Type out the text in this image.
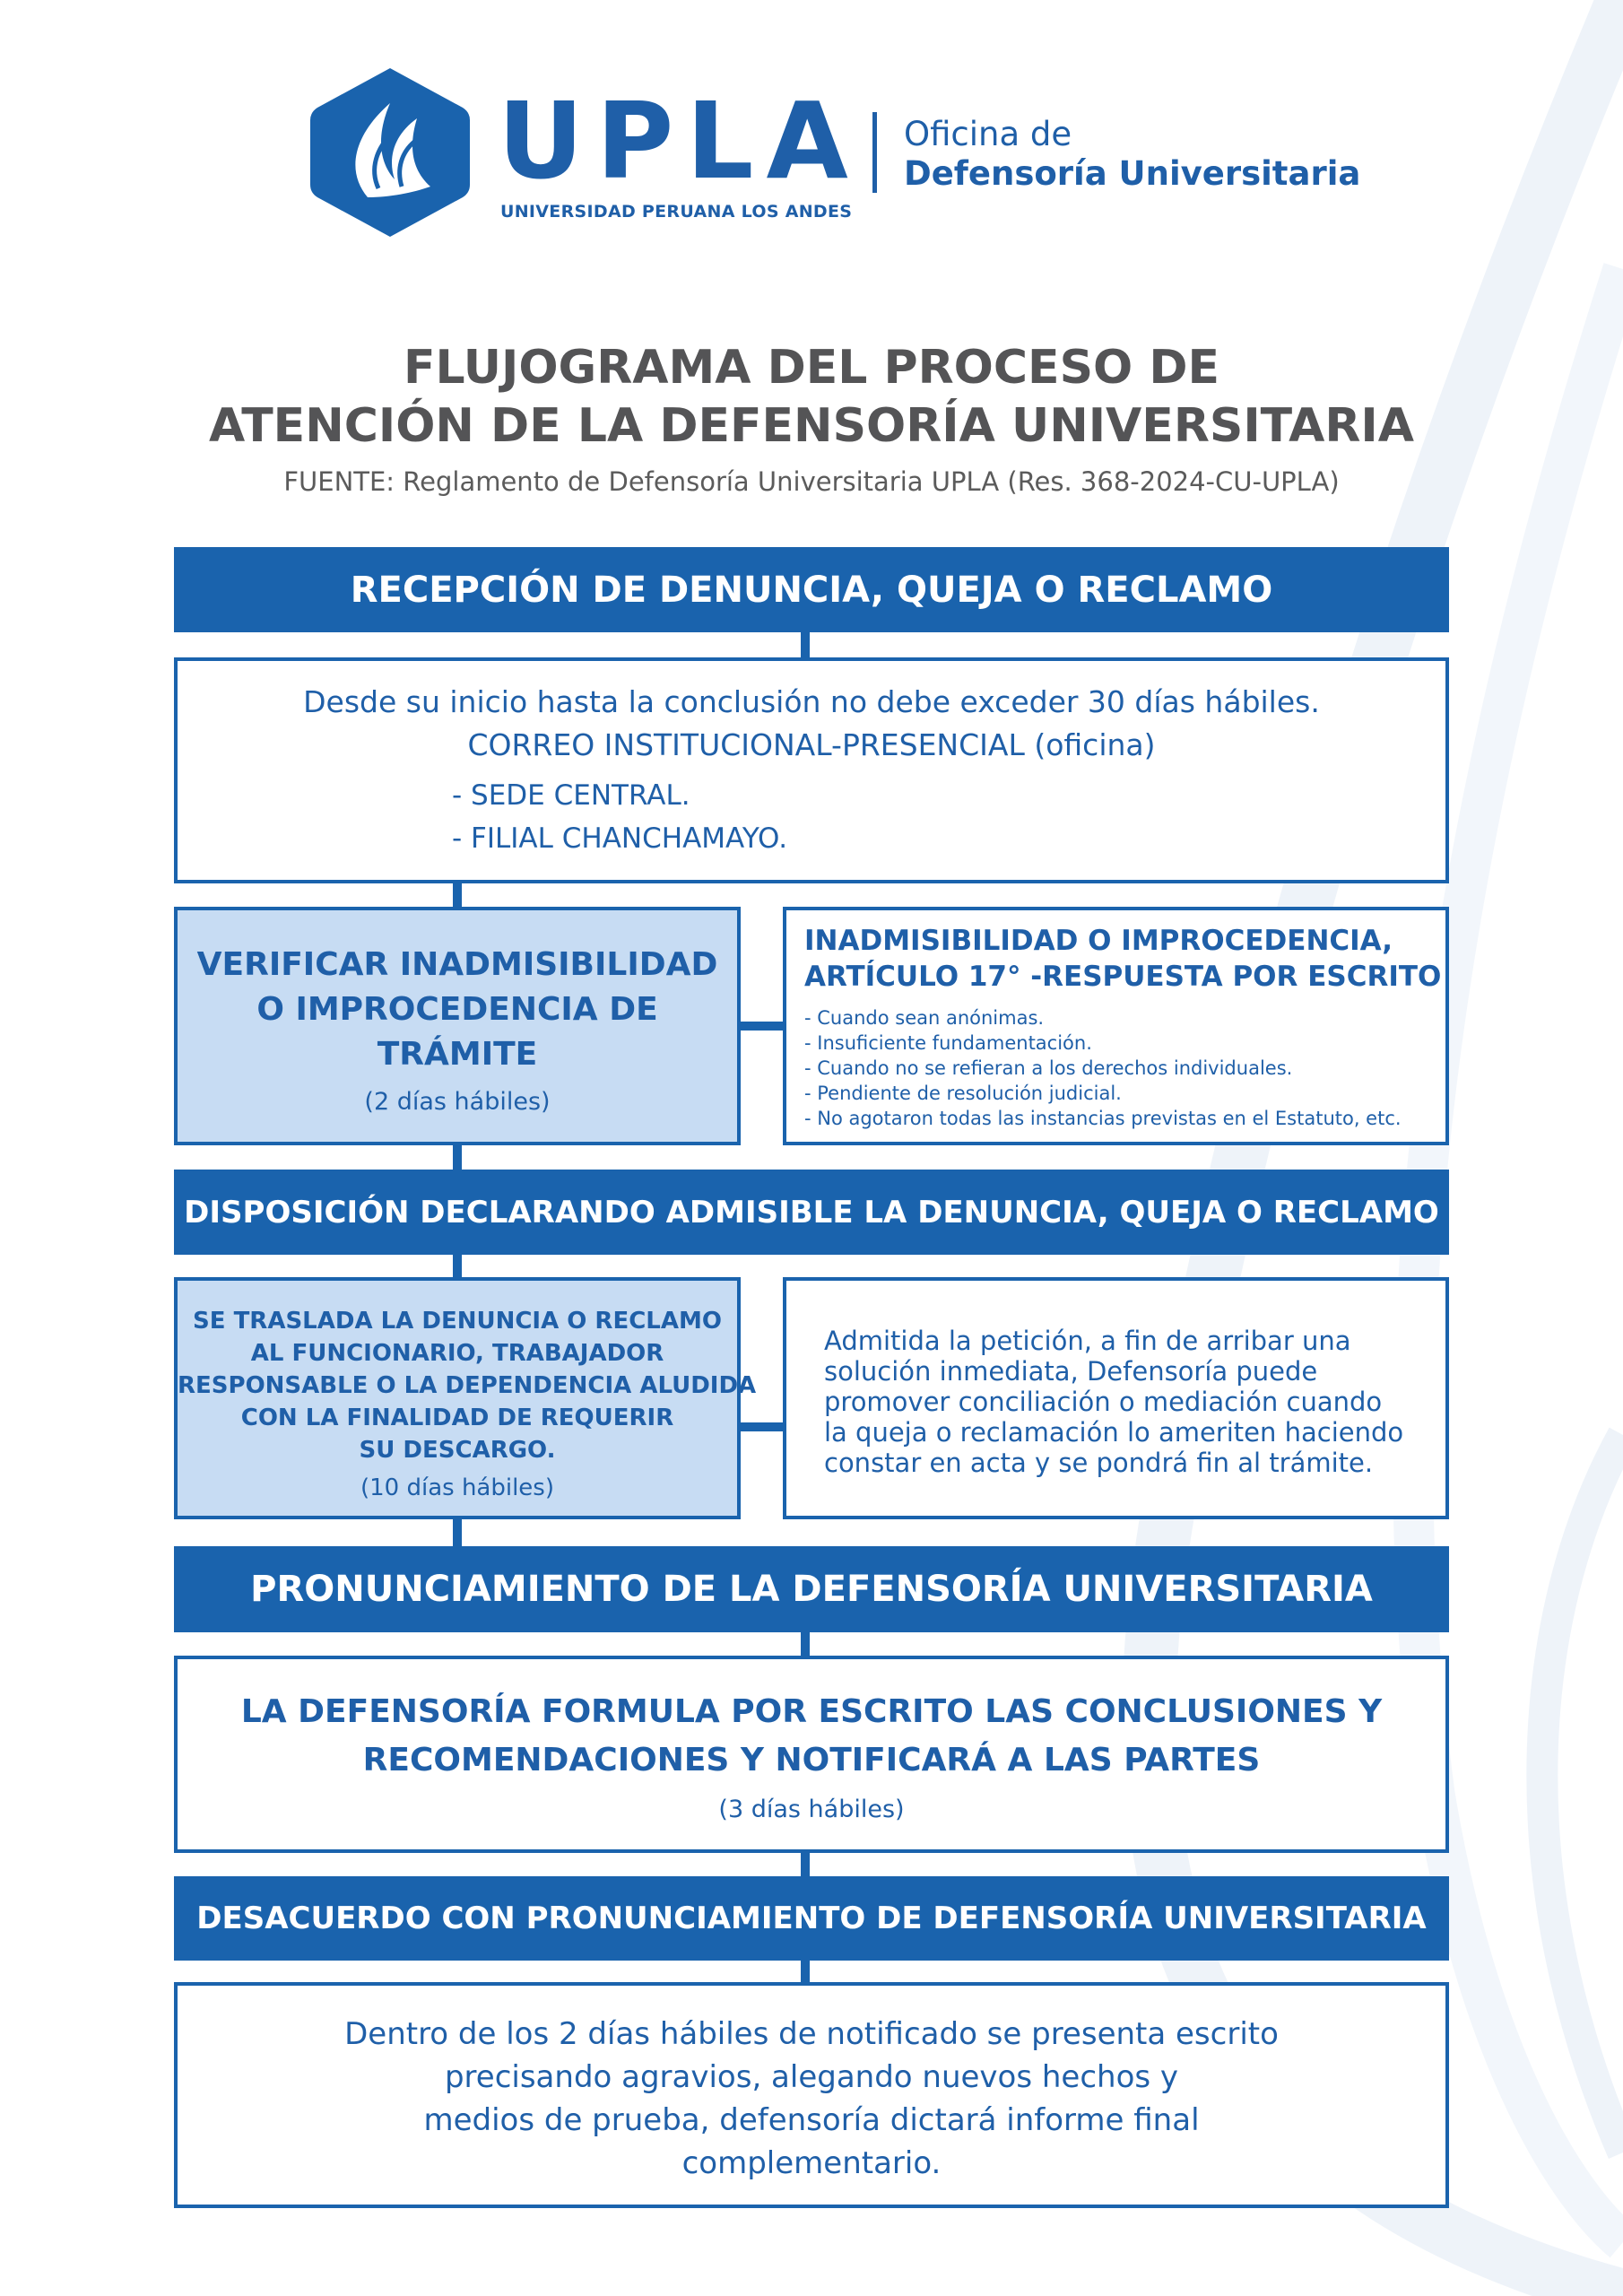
UPLA
UNIVERSIDAD PERUANA LOS ANDES
Oficina de
Defensoría Universitaria
FLUJOGRAMA DEL PROCESO DE
ATENCIÓN DE LA DEFENSORÍA UNIVERSITARIA
FUENTE: Reglamento de Defensoría Universitaria UPLA (Res. 368-2024-CU-UPLA)
RECEPCIÓN DE DENUNCIA, QUEJA O RECLAMO
Desde su inicio hasta la conclusión no debe exceder 30 días hábiles.
CORREO INSTITUCIONAL-PRESENCIAL (oficina)
- SEDE CENTRAL.
- FILIAL CHANCHAMAYO.
VERIFICAR INADMISIBILIDAD
O IMPROCEDENCIA DE
TRÁMITE
(2 días hábiles)
INADMISIBILIDAD O IMPROCEDENCIA,
ARTÍCULO 17° -RESPUESTA POR ESCRITO
- Cuando sean anónimas.
- Insuficiente fundamentación.
- Cuando no se refieran a los derechos individuales.
- Pendiente de resolución judicial.
- No agotaron todas las instancias previstas en el Estatuto, etc.
DISPOSICIÓN DECLARANDO ADMISIBLE LA DENUNCIA, QUEJA O RECLAMO
SE TRASLADA LA DENUNCIA O RECLAMO
AL FUNCIONARIO, TRABAJADOR
RESPONSABLE O LA DEPENDENCIA ALUDIDA
CON LA FINALIDAD DE REQUERIR
SU DESCARGO.
(10 días hábiles)
Admitida la petición, a fin de arribar una
solución inmediata, Defensoría puede
promover conciliación o mediación cuando
la queja o reclamación lo ameriten haciendo
constar en acta y se pondrá fin al trámite.
PRONUNCIAMIENTO DE LA DEFENSORÍA UNIVERSITARIA
LA DEFENSORÍA FORMULA POR ESCRITO LAS CONCLUSIONES Y
RECOMENDACIONES Y NOTIFICARÁ A LAS PARTES
(3 días hábiles)
DESACUERDO CON PRONUNCIAMIENTO DE DEFENSORÍA UNIVERSITARIA
Dentro de los 2 días hábiles de notificado se presenta escrito
precisando agravios, alegando nuevos hechos y
medios de prueba, defensoría dictará informe final
complementario.
